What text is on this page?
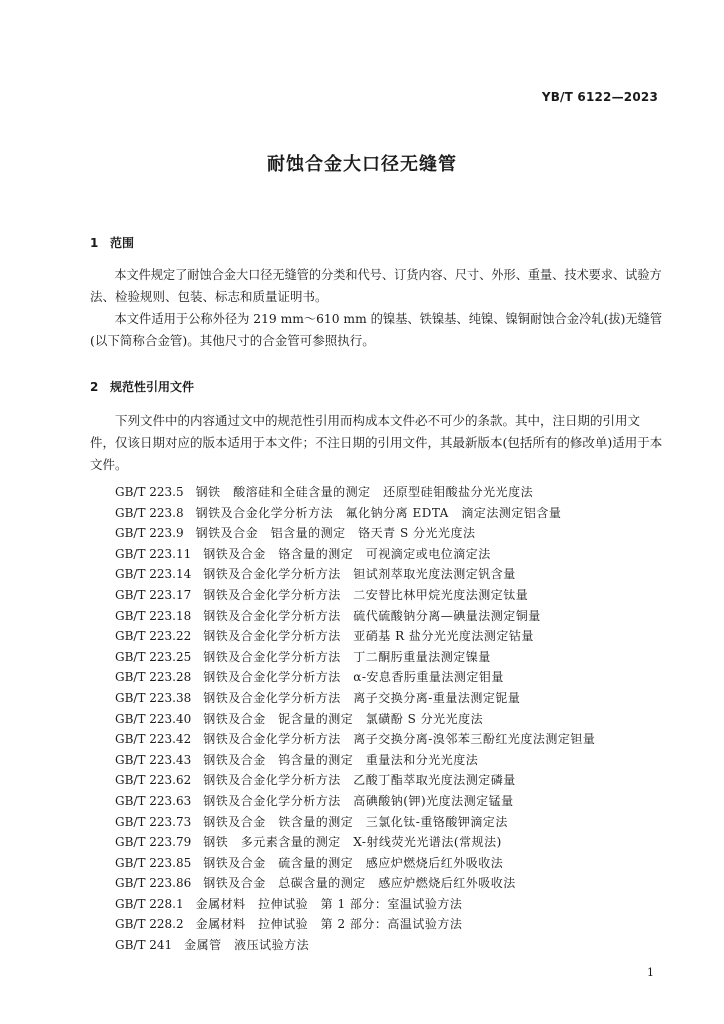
YB/T 6122—2023
耐蚀合金大口径无缝管
1 范围
本文件规定了耐蚀合金大口径无缝管的分类和代号、订货内容、尺寸、外形、重量、技术要求、试验方
法、检验规则、包装、标志和质量证明书。
本文件适用于公称外径为 219 mm～610 mm 的镍基、铁镍基、纯镍、镍铜耐蚀合金冷轧(拔)无缝管
(以下简称合金管)。其他尺寸的合金管可参照执行。
2 规范性引用文件
下列文件中的内容通过文中的规范性引用而构成本文件必不可少的条款。其中，注日期的引用文
件，仅该日期对应的版本适用于本文件；不注日期的引用文件，其最新版本(包括所有的修改单)适用于本
文件。
GB/T 223.5 钢铁　酸溶硅和全硅含量的测定　还原型硅钼酸盐分光光度法
GB/T 223.8 钢铁及合金化学分析方法　氟化钠分离 EDTA　滴定法测定铝含量
GB/T 223.9 钢铁及合金　铝含量的测定　铬天青 S 分光光度法
GB/T 223.11 钢铁及合金　铬含量的测定　可视滴定或电位滴定法
GB/T 223.14 钢铁及合金化学分析方法　钽试剂萃取光度法测定钒含量
GB/T 223.17 钢铁及合金化学分析方法　二安替比林甲烷光度法测定钛量
GB/T 223.18 钢铁及合金化学分析方法　硫代硫酸钠分离—碘量法测定铜量
GB/T 223.22 钢铁及合金化学分析方法　亚硝基 R 盐分光光度法测定钴量
GB/T 223.25 钢铁及合金化学分析方法　丁二酮肟重量法测定镍量
GB/T 223.28 钢铁及合金化学分析方法　α-安息香肟重量法测定钼量
GB/T 223.38 钢铁及合金化学分析方法　离子交换分离-重量法测定铌量
GB/T 223.40 钢铁及合金　铌含量的测定　氯磺酚 S 分光光度法
GB/T 223.42 钢铁及合金化学分析方法　离子交换分离-溴邻苯三酚红光度法测定钽量
GB/T 223.43 钢铁及合金　钨含量的测定　重量法和分光光度法
GB/T 223.62 钢铁及合金化学分析方法　乙酸丁酯萃取光度法测定磷量
GB/T 223.63 钢铁及合金化学分析方法　高碘酸钠(钾)光度法测定锰量
GB/T 223.73 钢铁及合金　铁含量的测定　三氯化钛-重铬酸钾滴定法
GB/T 223.79 钢铁　多元素含量的测定　X-射线荧光光谱法(常规法)
GB/T 223.85 钢铁及合金　硫含量的测定　感应炉燃烧后红外吸收法
GB/T 223.86 钢铁及合金　总碳含量的测定　感应炉燃烧后红外吸收法
GB/T 228.1 金属材料　拉伸试验　第 1 部分：室温试验方法
GB/T 228.2 金属材料　拉伸试验　第 2 部分：高温试验方法
GB/T 241 金属管　液压试验方法
1
